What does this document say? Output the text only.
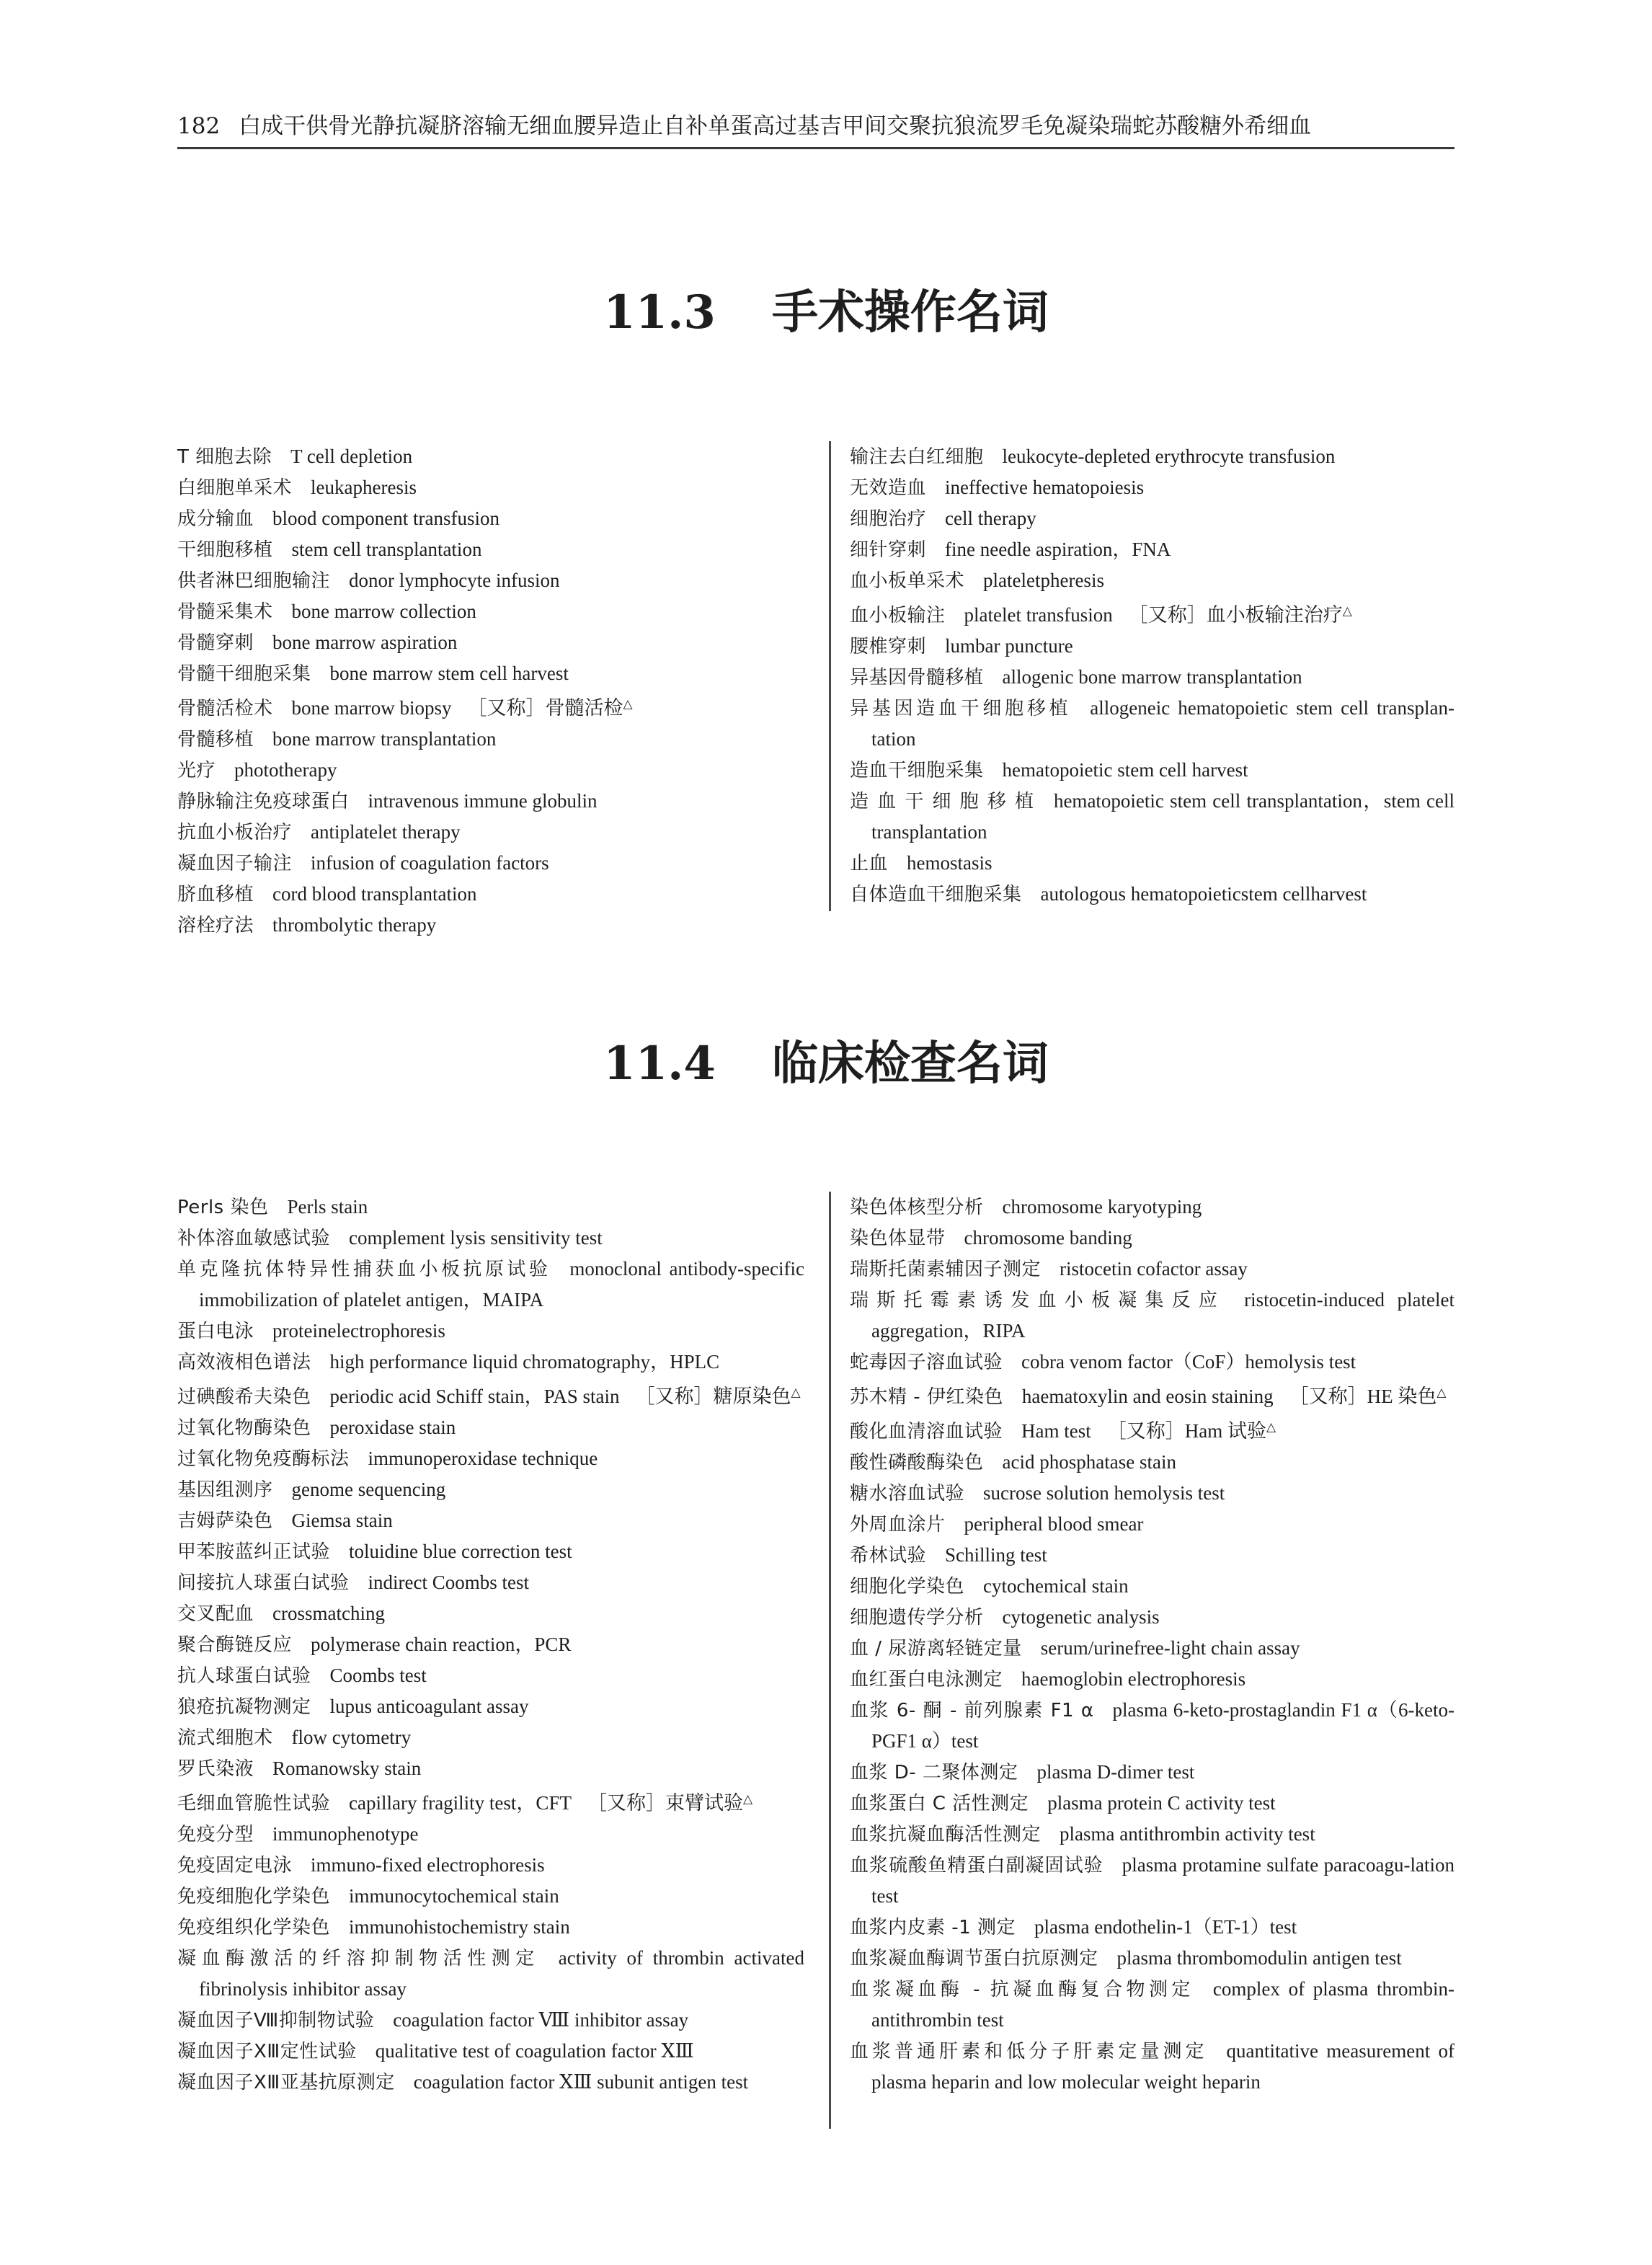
182 白成干供骨光静抗凝脐溶输无细血腰异造止自补单蛋高过基吉甲间交聚抗狼流罗毛免凝染瑞蛇苏酸糖外希细血
11.3 手术操作名词

T 细胞去除 T cell depletion

白细胞单采术 leukapheresis

成分输血 blood component transfusion

干细胞移植 stem cell transplantation

供者淋巴细胞输注 donor lymphocyte infusion

骨髓采集术 bone marrow collection

骨髓穿刺 bone marrow aspiration

骨髓干细胞采集 bone marrow stem cell harvest

骨髓活检术 bone marrow biopsy ［又称］骨髓活检△

骨髓移植 bone marrow transplantation

光疗 phototherapy

静脉输注免疫球蛋白 intravenous immune globulin

抗血小板治疗 antiplatelet therapy

凝血因子输注 infusion of coagulation factors

脐血移植 cord blood transplantation

溶栓疗法 thrombolytic therapy

输注去白红细胞 leukocyte-depleted erythrocyte transfusion

无效造血 ineffective hematopoiesis

细胞治疗 cell therapy

细针穿刺 fine needle aspiration，FNA

血小板单采术 plateletpheresis

血小板输注 platelet transfusion ［又称］血小板输注治疗△

腰椎穿刺 lumbar puncture

异基因骨髓移植 allogenic bone marrow transplantation

异基因造血干细胞移植 allogeneic hematopoietic stem cell transplan-tation

造血干细胞采集 hematopoietic stem cell harvest

造 血 干 细 胞 移 植 hematopoietic stem cell transplantation，stem cell transplantation

止血 hemostasis

自体造血干细胞采集 autologous hematopoieticstem cellharvest

11.4 临床检查名词

Perls 染色 Perls stain

补体溶血敏感试验 complement lysis sensitivity test

单克隆抗体特异性捕获血小板抗原试验 monoclonal antibody-specific immobilization of platelet antigen，MAIPA

蛋白电泳 proteinelectrophoresis

高效液相色谱法 high performance liquid chromatography，HPLC

过碘酸希夫染色 periodic acid Schiff stain，PAS stain ［又称］糖原染色△

过氧化物酶染色 peroxidase stain

过氧化物免疫酶标法 immunoperoxidase technique

基因组测序 genome sequencing

吉姆萨染色 Giemsa stain

甲苯胺蓝纠正试验 toluidine blue correction test

间接抗人球蛋白试验 indirect Coombs test

交叉配血 crossmatching

聚合酶链反应 polymerase chain reaction，PCR

抗人球蛋白试验 Coombs test

狼疮抗凝物测定 lupus anticoagulant assay

流式细胞术 flow cytometry

罗氏染液 Romanowsky stain

毛细血管脆性试验 capillary fragility test，CFT ［又称］束臂试验△

免疫分型 immunophenotype

免疫固定电泳 immuno-fixed electrophoresis

免疫细胞化学染色 immunocytochemical stain

免疫组织化学染色 immunohistochemistry stain

凝血酶激活的纤溶抑制物活性测定 activity of thrombin activated fibrinolysis inhibitor assay

凝血因子Ⅷ抑制物试验 coagulation factor Ⅷ inhibitor assay

凝血因子ⅩⅢ定性试验 qualitative test of coagulation factor ⅩⅢ

凝血因子ⅩⅢ亚基抗原测定 coagulation factor ⅩⅢ subunit antigen test

染色体核型分析 chromosome karyotyping

染色体显带 chromosome banding

瑞斯托菌素辅因子测定 ristocetin cofactor assay

瑞斯托霉素诱发血小板凝集反应 ristocetin-induced platelet aggregation，RIPA

蛇毒因子溶血试验 cobra venom factor（CoF）hemolysis test

苏木精 - 伊红染色 haematoxylin and eosin staining ［又称］HE 染色△

酸化血清溶血试验 Ham test ［又称］Ham 试验△

酸性磷酸酶染色 acid phosphatase stain

糖水溶血试验 sucrose solution hemolysis test

外周血涂片 peripheral blood smear

希林试验 Schilling test

细胞化学染色 cytochemical stain

细胞遗传学分析 cytogenetic analysis

血 / 尿游离轻链定量 serum/urinefree-light chain assay

血红蛋白电泳测定 haemoglobin electrophoresis

血浆 6- 酮 - 前列腺素 F1 α plasma 6-keto-prostaglandin F1 α（6-keto-PGF1 α）test

血浆 D- 二聚体测定 plasma D-dimer test

血浆蛋白 C 活性测定 plasma protein C activity test

血浆抗凝血酶活性测定 plasma antithrombin activity test

血浆硫酸鱼精蛋白副凝固试验 plasma protamine sulfate paracoagu-lation test

血浆内皮素 -1 测定 plasma endothelin-1（ET-1）test

血浆凝血酶调节蛋白抗原测定 plasma thrombomodulin antigen test

血浆凝血酶 - 抗凝血酶复合物测定 complex of plasma thrombin-antithrombin test

血浆普通肝素和低分子肝素定量测定 quantitative measurement of plasma heparin and low molecular weight heparin
